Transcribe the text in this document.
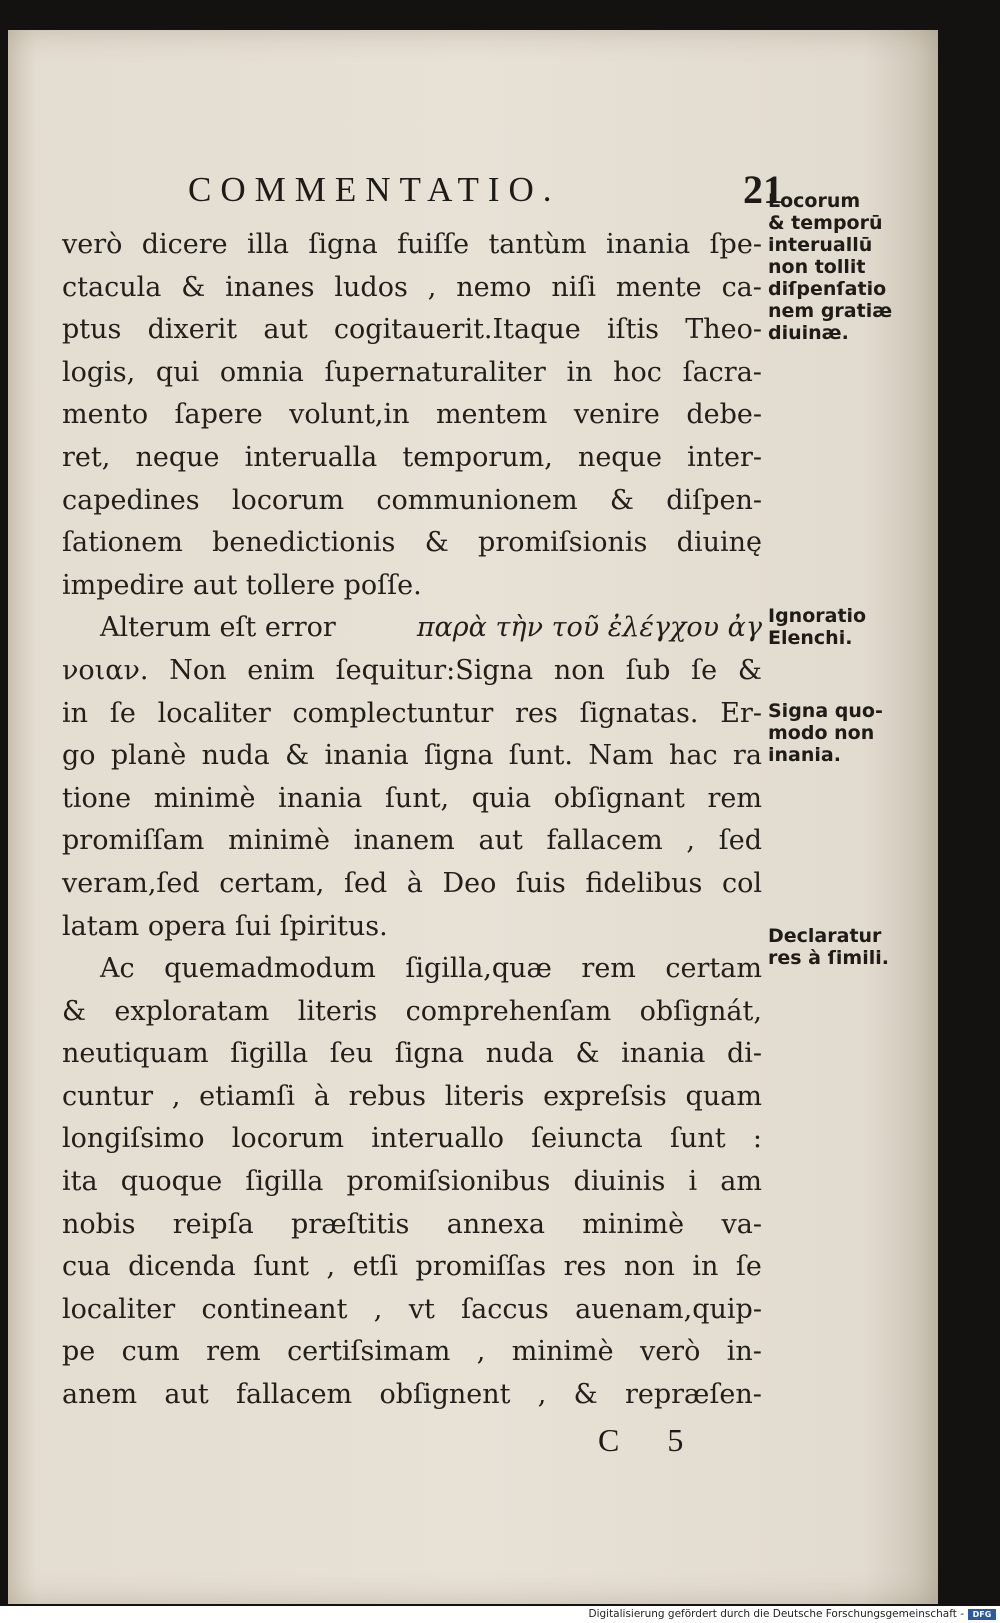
COMMENTATIO.	21
verò dicere illa ſigna fuiſſe tantùm inania ſpe-
ctacula & inanes ludos , nemo niſi mente ca-
ptus dixerit aut cogitauerit.Itaque iſtis Theo-
logis, qui omnia ſupernaturaliter in hoc ſacra-
mento ſapere volunt,in mentem venire debe-
ret, neque interualla temporum, neque inter-
capedines locorum communionem & diſpen-
ſationem benedictionis & promiſsionis diuinę
impedire aut tollere poſſe.
Alterum eſt error	παρὰ τὴν τοῦ ἐλέγχου ἀγ
νοιαν. Non enim ſequitur:Signa non ſub ſe &
in ſe localiter complectuntur res ſignatas. Er-
go planè nuda & inania ſigna ſunt. Nam hac ra
tione minimè inania ſunt, quia obſignant rem
promiſſam minimè inanem aut fallacem , ſed
veram,ſed certam, ſed à Deo ſuis fidelibus col
latam opera ſui ſpiritus.
Ac quemadmodum ſigilla,quæ rem certam
& exploratam literis comprehenſam obſignát,
neutiquam ſigilla ſeu ſigna nuda & inania di-
cuntur , etiamſi à rebus literis expreſsis quam
longiſsimo locorum interuallo ſeiuncta ſunt :
ita quoque ſigilla promiſsionibus diuinis i am
nobis reipſa præſtitis annexa minimè va-
cua dicenda ſunt , etſi promiſſas res non in ſe
localiter contineant , vt ſaccus auenam,quip-
pe cum rem certiſsimam , minimè verò in-
anem aut fallacem obſignent , & repræſen-
Locorum
& temporū
interuallū
non tollit
diſpenſatio
nem gratiæ
diuinæ.
Ignoratio
Elenchi.
Signa quo-
modo non
inania.
Declaratur
res à ſimili.
C 5
Digitalisierung gefördert durch die Deutsche Forschungsgemeinschaft -	DFG
